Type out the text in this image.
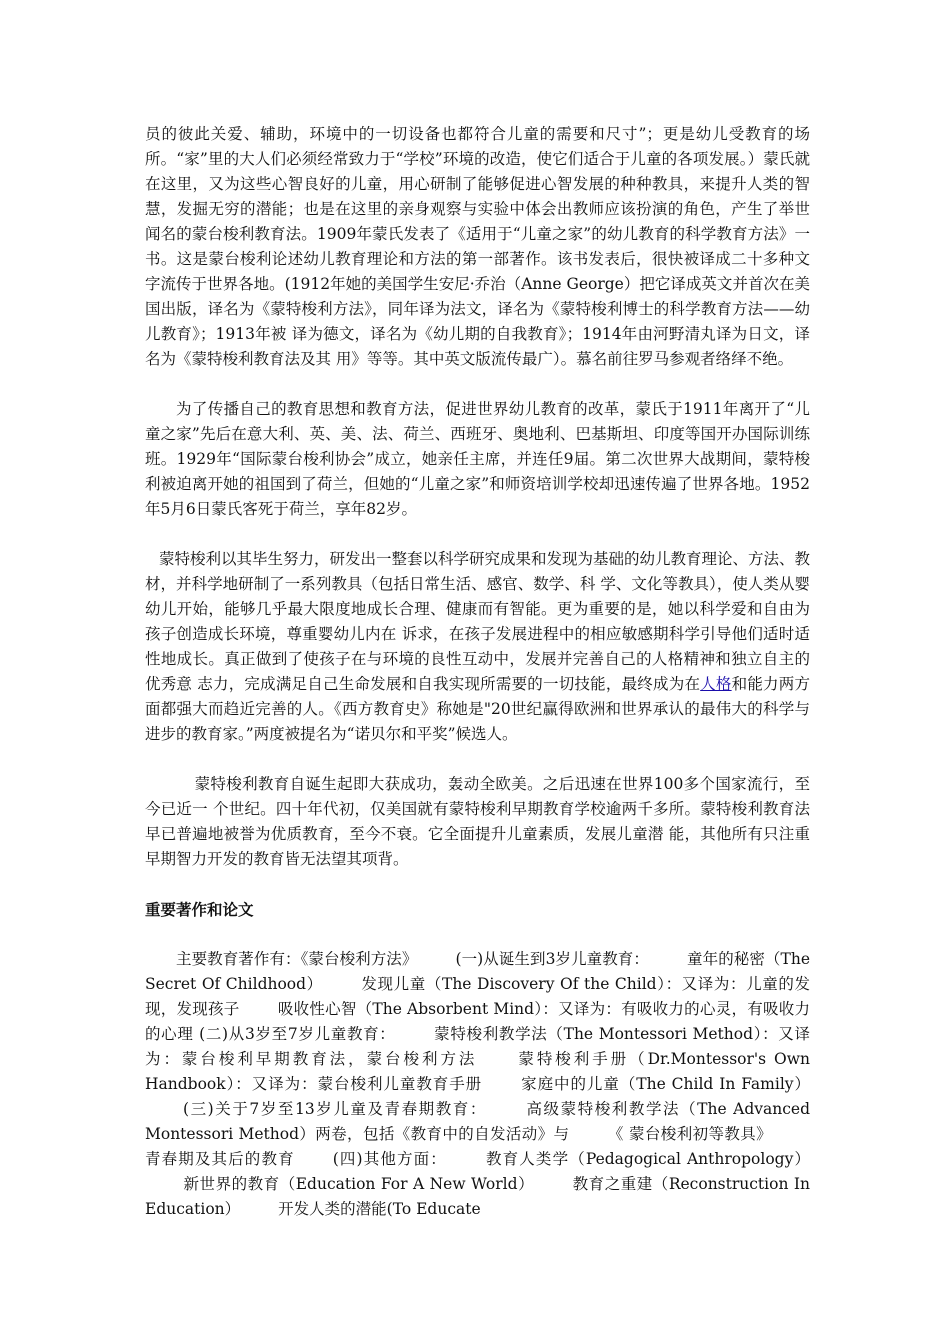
员的彼此关爱、辅助，环境中的一切设备也都符合儿童的需要和尺寸”；更是幼儿受教育的场所。“家”里的大人们必须经常致力于“学校”环境的改造，使它们适合于儿童的各项发展。）蒙氏就在这里，又为这些心智良好的儿童，用心研制了能够促进心智发展的种种教具，来提升人类的智慧，发掘无穷的潜能；也是在这里的亲身观察与实验中体会出教师应该扮演的角色，产生了举世闻名的蒙台梭利教育法。1909年蒙氏发表了《适用于“儿童之家”的幼儿教育的科学教育方法》一书。这是蒙台梭利论述幼儿教育理论和方法的第一部著作。该书发表后，很快被译成二十多种文字流传于世界各地。(1912年她的美国学生安尼·乔治（Anne George）把它译成英文并首次在美国出版，译名为《蒙特梭利方法》，同年译为法文，译名为《蒙特梭利博士的科学教育方法——幼儿教育》；1913年被 译为德文，译名为《幼儿期的自我教育》；1914年由河野清丸译为日文，译名为《蒙特梭利教育法及其 用》等等。其中英文版流传最广）。慕名前往罗马参观者络绎不绝。

为了传播自己的教育思想和教育方法，促进世界幼儿教育的改革，蒙氏于1911年离开了“儿童之家”先后在意大利、英、美、法、荷兰、西班牙、奥地利、巴基斯坦、印度等国开办国际训练班。1929年“国际蒙台梭利协会”成立，她亲任主席，并连任9届。第二次世界大战期间，蒙特梭利被迫离开她的祖国到了荷兰，但她的“儿童之家”和师资培训学校却迅速传遍了世界各地。1952年5月6日蒙氏客死于荷兰，享年82岁。

蒙特梭利以其毕生努力，研发出一整套以科学研究成果和发现为基础的幼儿教育理论、方法、教材，并科学地研制了一系列教具（包括日常生活、感官、数学、科 学、文化等教具），使人类从婴幼儿开始，能够几乎最大限度地成长合理、健康而有智能。更为重要的是，她以科学爱和自由为孩子创造成长环境，尊重婴幼儿内在 诉求，在孩子发展进程中的相应敏感期科学引导他们适时适性地成长。真正做到了使孩子在与环境的良性互动中，发展并完善自己的人格精神和独立自主的优秀意 志力，完成满足自己生命发展和自我实现所需要的一切技能，最终成为在人格和能力两方面都强大而趋近完善的人。《西方教育史》称她是"20世纪赢得欧洲和世界承认的最伟大的科学与进步的教育家。”两度被提名为“诺贝尔和平奖”候选人。

蒙特梭利教育自诞生起即大获成功，轰动全欧美。之后迅速在世界100多个国家流行，至今已近一 个世纪。四十年代初，仅美国就有蒙特梭利早期教育学校逾两千多所。蒙特梭利教育法早已普遍地被誉为优质教育，至今不衰。它全面提升儿童素质，发展儿童潜 能，其他所有只注重早期智力开发的教育皆无法望其项背。

重要著作和论文

主要教育著作有：《蒙台梭利方法》 (一)从诞生到3岁儿童教育： 童年的秘密（The Secret Of Childhood） 发现儿童（The Discovery Of the Child）：又译为：儿童的发现，发现孩子 吸收性心智（The Absorbent Mind）：又译为：有吸收力的心灵，有吸收力的心理 (二)从3岁至7岁儿童教育： 蒙特梭利教学法（The Montessori Method）：又译为：蒙台梭利早期教育法，蒙台梭利方法 蒙特梭利手册（Dr.Montessor's Own Handbook）：又译为：蒙台梭利儿童教育手册 家庭中的儿童（The Child In Family）(三)关于7岁至13岁儿童及青春期教育： 高级蒙特梭利教学法（The Advanced Montessori Method）两卷，包括《教育中的自发活动》与 《 蒙台梭利初等教具》青春期及其后的教育 (四)其他方面： 教育人类学（Pedagogical Anthropology）新世界的教育（Education For A New World） 教育之重建（Reconstruction In Education） 开发人类的潜能(To Educate
